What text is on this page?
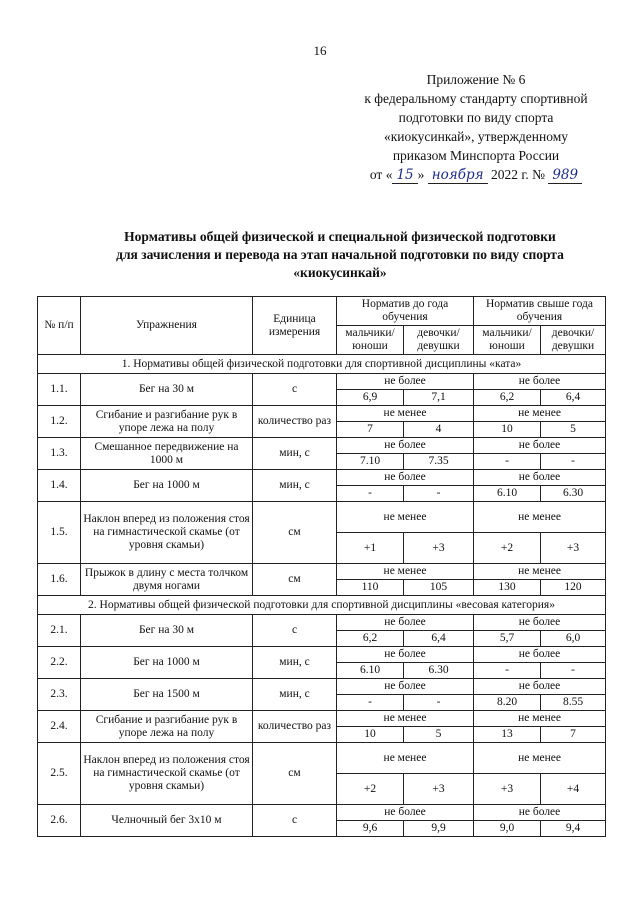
16
Приложение № 6
к федеральному стандарту спортивной
подготовки по виду спорта
«киокусинкай», утвержденному
приказом Минспорта России
от « 15 » ноября 2022 г. № 989
Нормативы общей физической и специальной физической подготовки
для зачисления и перевода на этап начальной подготовки по виду спорта
«киокусинкай»
№ п/п	Упражнения	Единица измерения	Норматив до года обучения		Норматив свыше года обучения	
			мальчики/ юноши	девочки/ девушки	мальчики/ юноши	девочки/ девушки
1. Нормативы общей физической подготовки для спортивной дисциплины «ката»						
1.1.	Бег на 30 м	с	не более		не более	
			6,9	7,1	6,2	6,4
1.2.	Сгибание и разгибание рук в упоре лежа на полу	количество раз	не менее		не менее	
			7	4	10	5
1.3.	Смешанное передвижение на 1000 м	мин, с	не более		не более	
			7.10	7.35	-	-
1.4.	Бег на 1000 м	мин, с	не более		не более	
			-	-	6.10	6.30
1.5.	Наклон вперед из положения стоя на гимнастической скамье (от уровня скамьи)	см	не менее		не менее	
			+1	+3	+2	+3
1.6.	Прыжок в длину с места толчком двумя ногами	см	не менее		не менее	
			110	105	130	120
2. Нормативы общей физической подготовки для спортивной дисциплины «весовая категория»						
2.1.	Бег на 30 м	с	не более		не более	
			6,2	6,4	5,7	6,0
2.2.	Бег на 1000 м	мин, с	не более		не более	
			6.10	6.30	-	-
2.3.	Бег на 1500 м	мин, с	не более		не более	
			-	-	8.20	8.55
2.4.	Сгибание и разгибание рук в упоре лежа на полу	количество раз	не менее		не менее	
			10	5	13	7
2.5.	Наклон вперед из положения стоя на гимнастической скамье (от уровня скамьи)	см	не менее		не менее	
			+2	+3	+3	+4
2.6.	Челночный бег 3х10 м	с	не более		не более	
			9,6	9,9	9,0	9,4
